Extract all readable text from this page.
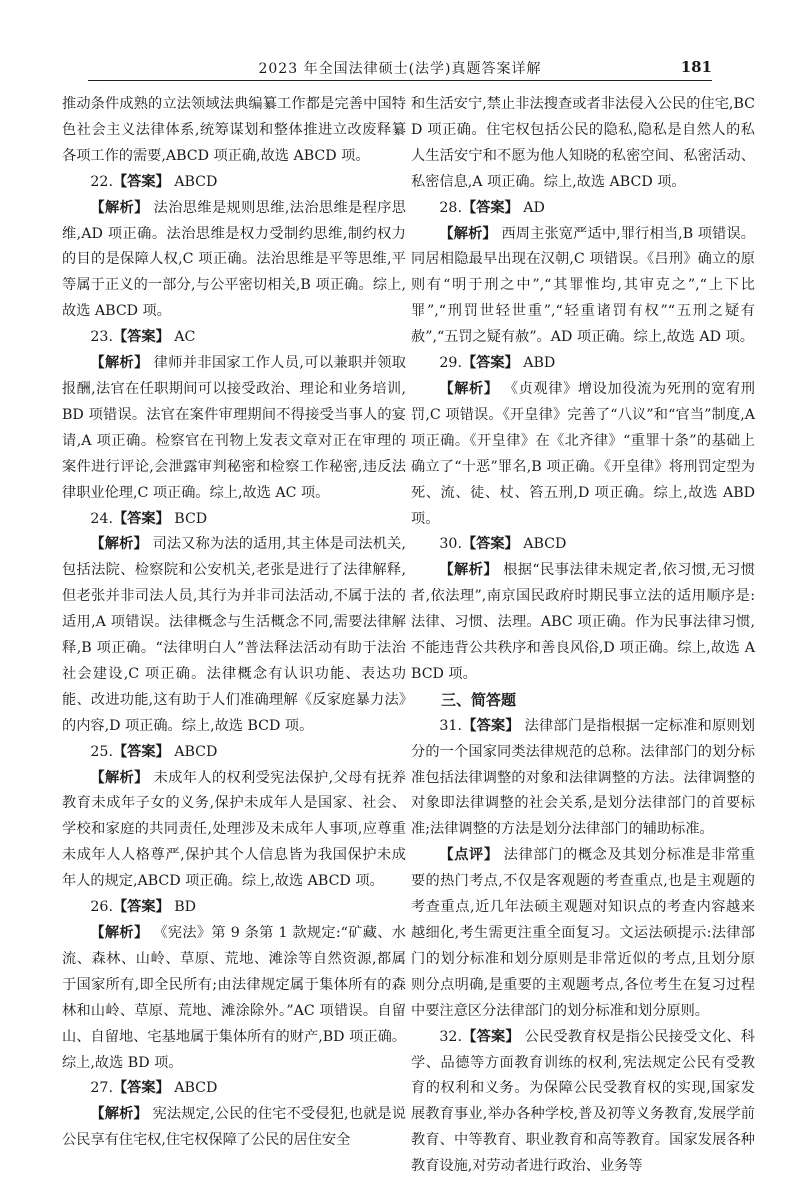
2023 年全国法律硕士(法学)真题答案详解	181

推动条件成熟的立法领域法典编纂工作都是完善中国特色社会主义法律体系,统筹谋划和整体推进立改废释纂各项工作的需要,ABCD 项正确,故选 ABCD 项。

22.【答案】 ABCD

【解析】 法治思维是规则思维,法治思维是程序思维,AD 项正确。法治思维是权力受制约思维,制约权力的目的是保障人权,C 项正确。法治思维是平等思维,平等属于正义的一部分,与公平密切相关,B 项正确。综上,故选 ABCD 项。

23.【答案】 AC

【解析】 律师并非国家工作人员,可以兼职并领取报酬,法官在任职期间可以接受政治、理论和业务培训,BD 项错误。法官在案件审理期间不得接受当事人的宴请,A 项正确。检察官在刊物上发表文章对正在审理的案件进行评论,会泄露审判秘密和检察工作秘密,违反法律职业伦理,C 项正确。综上,故选 AC 项。

24.【答案】 BCD

【解析】 司法又称为法的适用,其主体是司法机关,包括法院、检察院和公安机关,老张是进行了法律解释,但老张并非司法人员,其行为并非司法活动,不属于法的适用,A 项错误。法律概念与生活概念不同,需要法律解释,B 项正确。“法律明白人”普法释法活动有助于法治社会建设,C 项正确。法律概念有认识功能、表达功能、改进功能,这有助于人们准确理解《反家庭暴力法》的内容,D 项正确。综上,故选 BCD 项。

25.【答案】 ABCD

【解析】 未成年人的权利受宪法保护,父母有抚养教育未成年子女的义务,保护未成年人是国家、社会、学校和家庭的共同责任,处理涉及未成年人事项,应尊重未成年人人格尊严,保护其个人信息皆为我国保护未成年人的规定,ABCD 项正确。综上,故选 ABCD 项。

26.【答案】 BD

【解析】 《宪法》第 9 条第 1 款规定:“矿藏、水流、森林、山岭、草原、荒地、滩涂等自然资源,都属于国家所有,即全民所有;由法律规定属于集体所有的森林和山岭、草原、荒地、滩涂除外。”AC 项错误。自留山、自留地、宅基地属于集体所有的财产,BD 项正确。综上,故选 BD 项。

27.【答案】 ABCD

【解析】 宪法规定,公民的住宅不受侵犯,也就是说公民享有住宅权,住宅权保障了公民的居住安全

和生活安宁,禁止非法搜查或者非法侵入公民的住宅,BCD 项正确。住宅权包括公民的隐私,隐私是自然人的私人生活安宁和不愿为他人知晓的私密空间、私密活动、私密信息,A 项正确。综上,故选 ABCD 项。

28.【答案】 AD

【解析】 西周主张宽严适中,罪行相当,B 项错误。同居相隐最早出现在汉朝,C 项错误。《吕刑》确立的原则有“明于刑之中”,“其罪惟均,其审克之”,“上下比罪”,“刑罚世轻世重”,“轻重诸罚有权”“五刑之疑有赦”,“五罚之疑有赦”。AD 项正确。综上,故选 AD 项。

29.【答案】 ABD

【解析】 《贞观律》增设加役流为死刑的宽宥刑罚,C 项错误。《开皇律》完善了“八议”和“官当”制度,A 项正确。《开皇律》在《北齐律》“重罪十条”的基础上确立了“十恶”罪名,B 项正确。《开皇律》将刑罚定型为死、流、徒、杖、笞五刑,D 项正确。综上,故选 ABD 项。

30.【答案】 ABCD

【解析】 根据“民事法律未规定者,依习惯,无习惯者,依法理”,南京国民政府时期民事立法的适用顺序是:法律、习惯、法理。ABC 项正确。作为民事法律习惯,不能违背公共秩序和善良风俗,D 项正确。综上,故选 ABCD 项。

三、简答题

31.【答案】 法律部门是指根据一定标准和原则划分的一个国家同类法律规范的总称。法律部门的划分标准包括法律调整的对象和法律调整的方法。法律调整的对象即法律调整的社会关系,是划分法律部门的首要标准;法律调整的方法是划分法律部门的辅助标准。

【点评】 法律部门的概念及其划分标准是非常重要的热门考点,不仅是客观题的考查重点,也是主观题的考查重点,近几年法硕主观题对知识点的考查内容越来越细化,考生需更注重全面复习。文运法硕提示:法律部门的划分标准和划分原则是非常近似的考点,且划分原则分点明确,是重要的主观题考点,各位考生在复习过程中要注意区分法律部门的划分标准和划分原则。

32.【答案】 公民受教育权是指公民接受文化、科学、品德等方面教育训练的权利,宪法规定公民有受教育的权利和义务。为保障公民受教育权的实现,国家发展教育事业,举办各种学校,普及初等义务教育,发展学前教育、中等教育、职业教育和高等教育。国家发展各种教育设施,对劳动者进行政治、业务等
